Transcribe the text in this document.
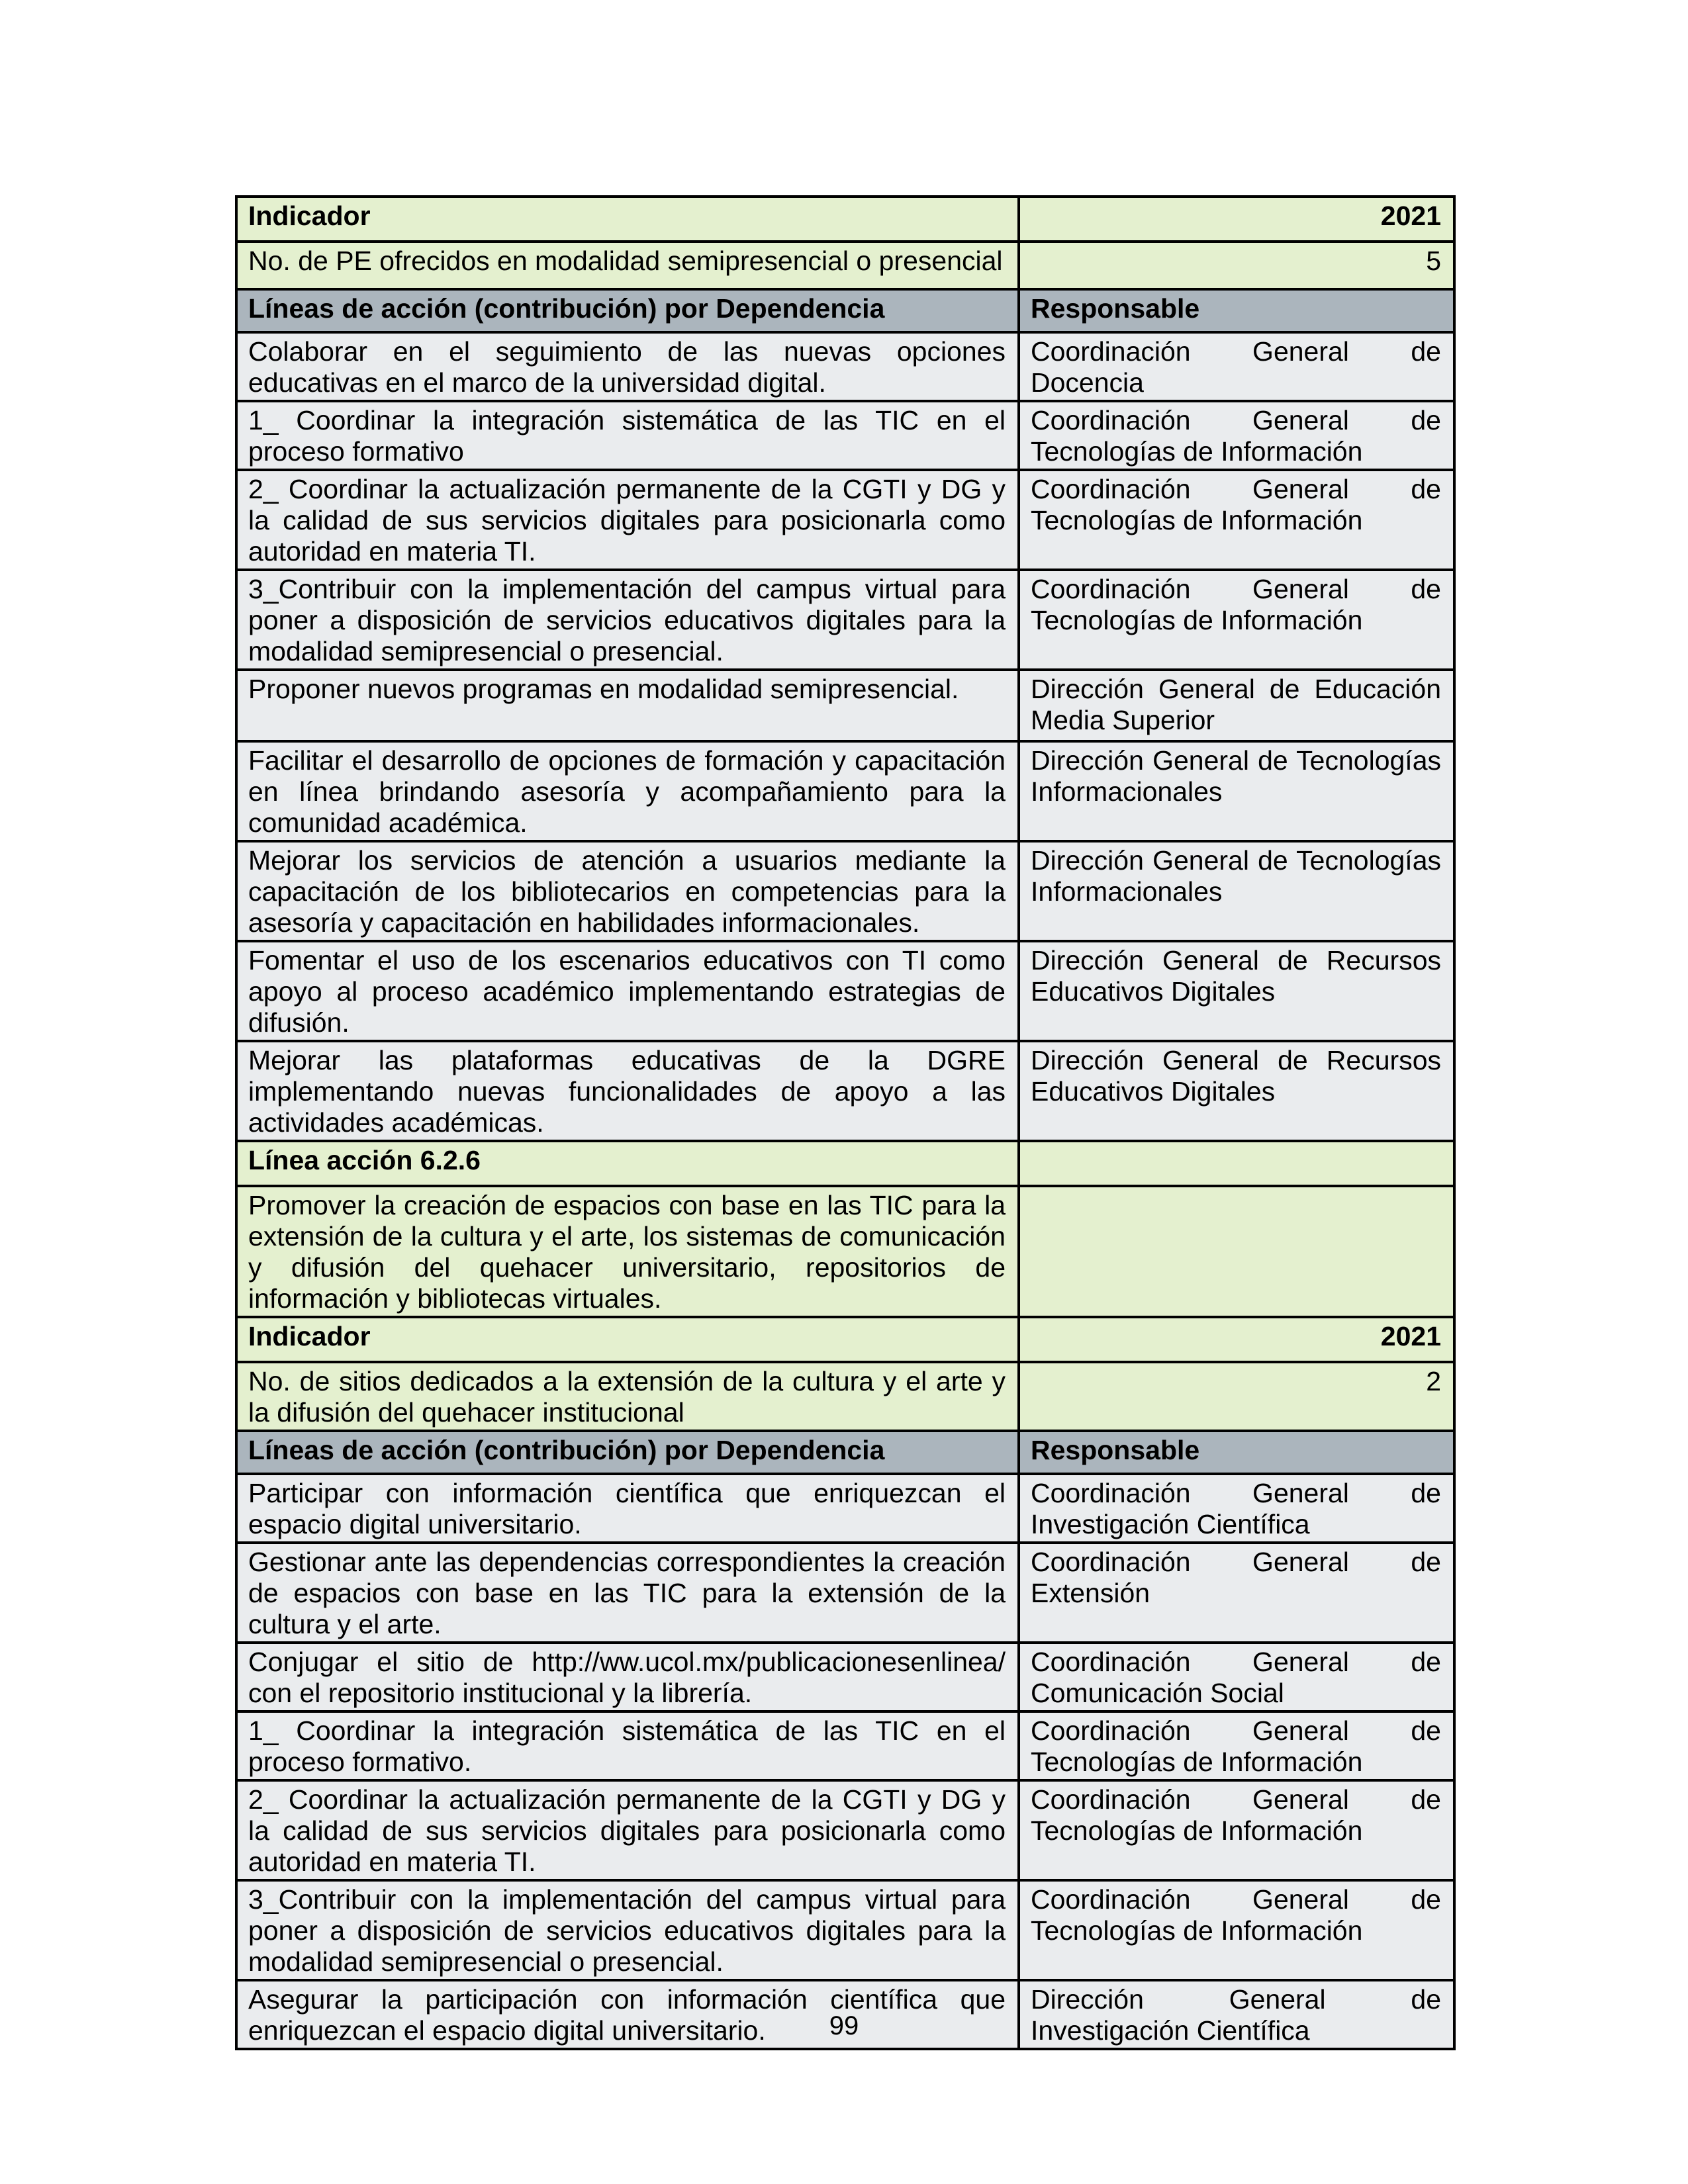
Indicador	2021
No. de PE ofrecidos en modalidad semipresencial o presencial	5
Líneas de acción (contribución) por Dependencia	Responsable
Colaborar en el seguimiento de las nuevas opciones educativas en el marco de la universidad digital.	Coordinación General de Docencia
1_ Coordinar la integración sistemática de las TIC en el proceso formativo	Coordinación General de Tecnologías de Información
2_ Coordinar la actualización permanente de la CGTI y DG y la calidad de sus servicios digitales para posicionarla como autoridad en materia TI.	Coordinación General de Tecnologías de Información
3_Contribuir con la implementación del campus virtual para poner a disposición de servicios educativos digitales para la modalidad semipresencial o presencial.	Coordinación General de Tecnologías de Información
Proponer nuevos programas en modalidad semipresencial.	Dirección General de Educación Media Superior
Facilitar el desarrollo de opciones de formación y capacitación en línea brindando asesoría y acompañamiento para la comunidad académica.	Dirección General de Tecnologías Informacionales
Mejorar los servicios de atención a usuarios mediante la capacitación de los bibliotecarios en competencias para la asesoría y capacitación en habilidades informacionales.	Dirección General de Tecnologías Informacionales
Fomentar el uso de los escenarios educativos con TI como apoyo al proceso académico implementando estrategias de difusión.	Dirección General de Recursos Educativos Digitales
Mejorar las plataformas educativas de la DGRE implementando nuevas funcionalidades de apoyo a las actividades académicas.	Dirección General de Recursos Educativos Digitales
Línea acción 6.2.6	
Promover la creación de espacios con base en las TIC para la extensión de la cultura y el arte, los sistemas de comunicación y difusión del quehacer universitario, repositorios de información y bibliotecas virtuales.	
Indicador	2021
No. de sitios dedicados a la extensión de la cultura y el arte y la difusión del quehacer institucional	2
Líneas de acción (contribución) por Dependencia	Responsable
Participar con información científica que enriquezcan el espacio digital universitario.	Coordinación General de Investigación Científica
Gestionar ante las dependencias correspondientes la creación de espacios con base en las TIC para la extensión de la cultura y el arte.	Coordinación General de Extensión
Conjugar el sitio de http://ww.ucol.mx/publicacionesenlinea/ con el repositorio institucional y la librería.	Coordinación General de Comunicación Social
1_ Coordinar la integración sistemática de las TIC en el proceso formativo.	Coordinación General de Tecnologías de Información
2_ Coordinar la actualización permanente de la CGTI y DG y la calidad de sus servicios digitales para posicionarla como autoridad en materia TI.	Coordinación General de Tecnologías de Información
3_Contribuir con la implementación del campus virtual para poner a disposición de servicios educativos digitales para la modalidad semipresencial o presencial.	Coordinación General de Tecnologías de Información
Asegurar la participación con información científica que enriquezcan el espacio digital universitario.	Dirección General de Investigación Científica
99
